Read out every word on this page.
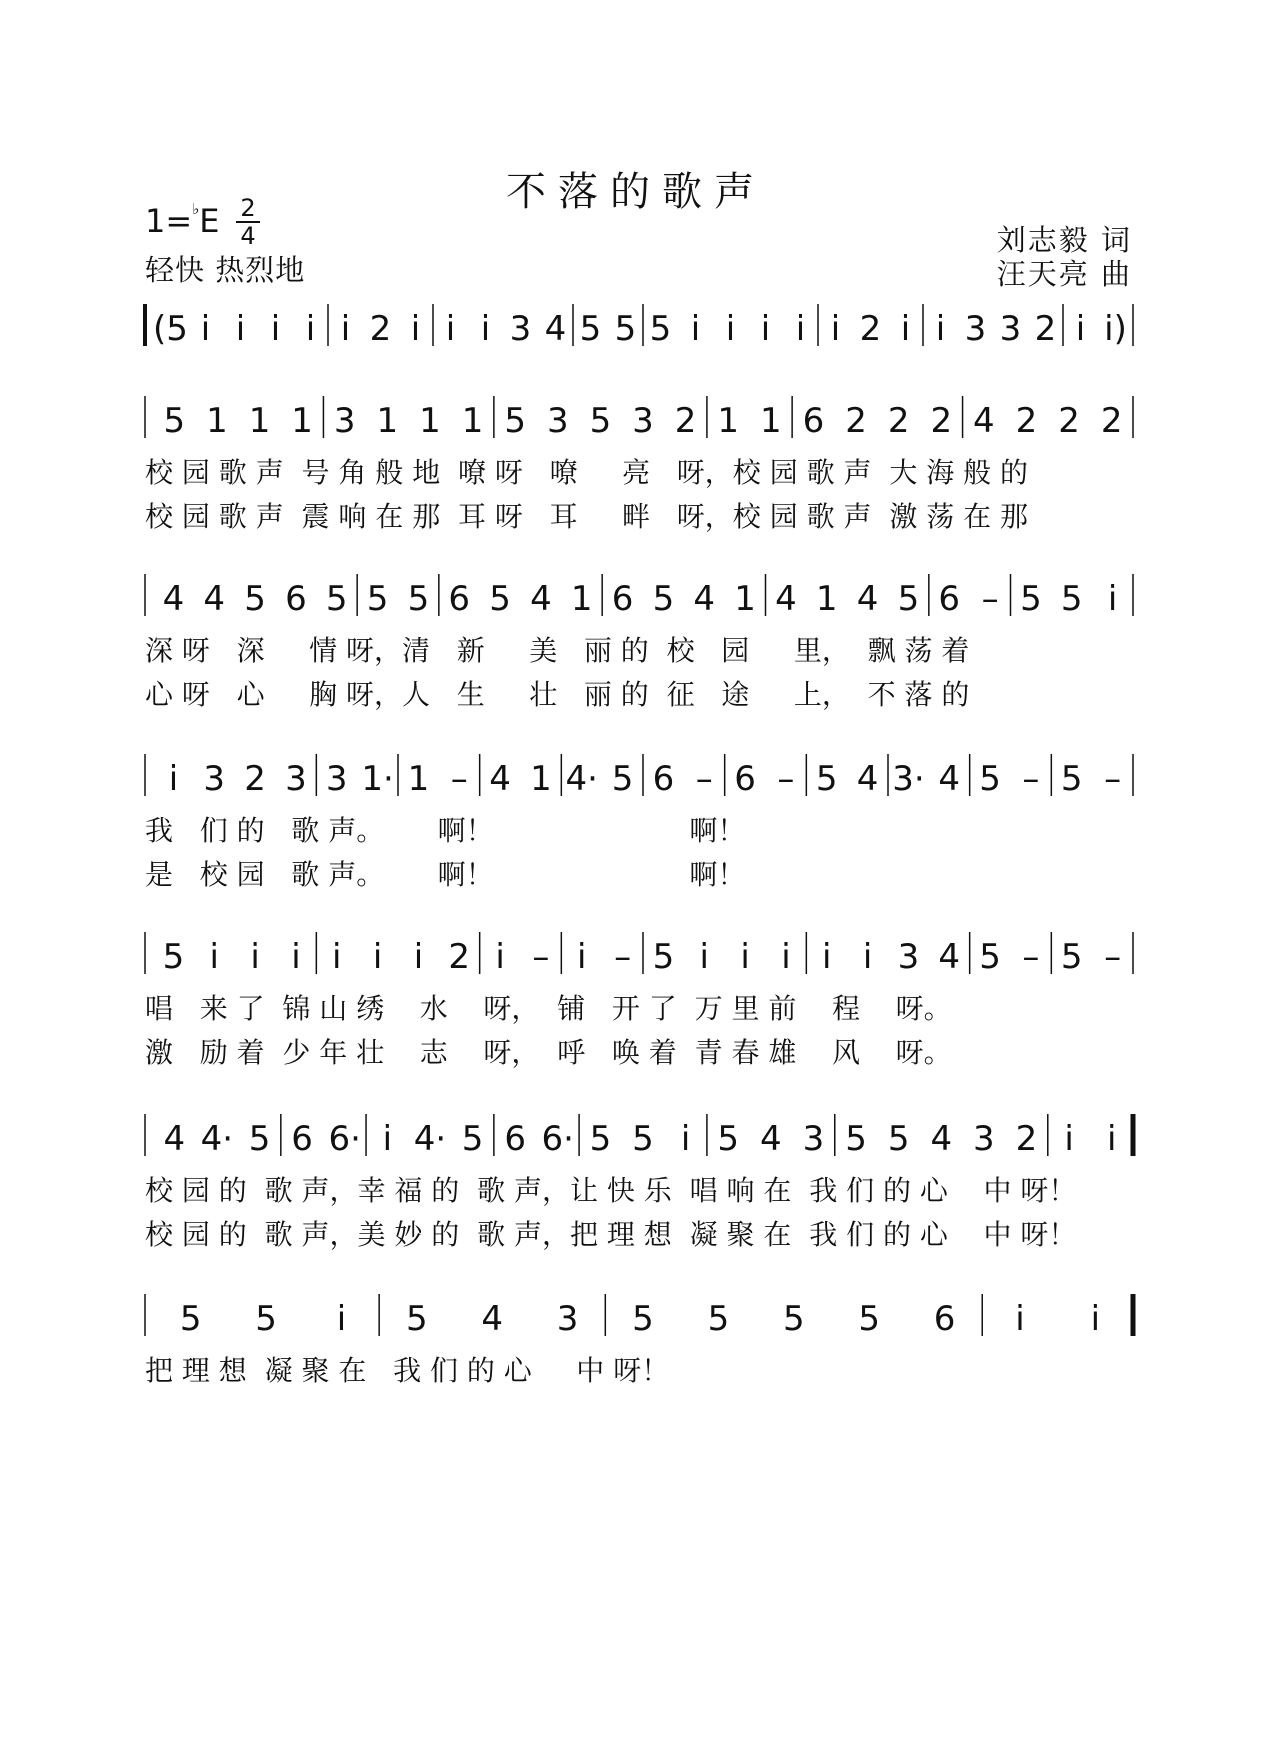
不落的歌声
1=♭E 2
4
轻快 热烈地
刘志毅 词
汪天亮 曲
(5 i i i i i 2 i i i 3 4 5 5 5 i i i i i 2 i i 3 3 2 i i)
5 1 1 1 3 1 1 1 5 3 5 3 2 1 1 6 2 2 2 4 2 2 2
校 园 歌 声  号 角 般 地  嘹 呀   嘹     亮   呀，校 园 歌 声  大 海 般 的
校 园 歌 声  震 响 在 那  耳 呀   耳     畔   呀，校 园 歌 声  激 荡 在 那
4 4 5 6 5 5 5 6 5 4 1 6 5 4 1 4 1 4 5 6 – 5 5 i
深 呀   深     情 呀，清   新     美   丽 的  校   园     里，  飘 荡 着
心 呀   心     胸 呀，人   生     壮   丽 的  征   途     上，  不 落 的
i 3 2 3 3 1· 1 – 4 1 4· 5 6 – 6 – 5 4 3· 4 5 – 5 –
我   们 的   歌 声。      啊！                      啊！
是   校 园   歌 声。      啊！                      啊！
5 i i i i i i 2 i – i – 5 i i i i i 3 4 5 – 5 –
唱   来 了  锦 山 绣    水    呀，  铺   开 了  万 里 前    程    呀。
激   励 着  少 年 壮    志    呀，  呼   唤 着  青 春 雄    风    呀。
4 4· 5 6 6· i 4· 5 6 6· 5 5 i 5 4 3 5 5 4 3 2 i i
校 园 的  歌 声，幸 福 的  歌 声，让 快 乐  唱 响 在  我 们 的 心    中 呀！
校 园 的  歌 声，美 妙 的  歌 声，把 理 想  凝 聚 在  我 们 的 心    中 呀！
5 5 i 5 4 3 5 5 5 5 6 i i
把 理 想  凝 聚 在   我 们 的 心     中 呀！
